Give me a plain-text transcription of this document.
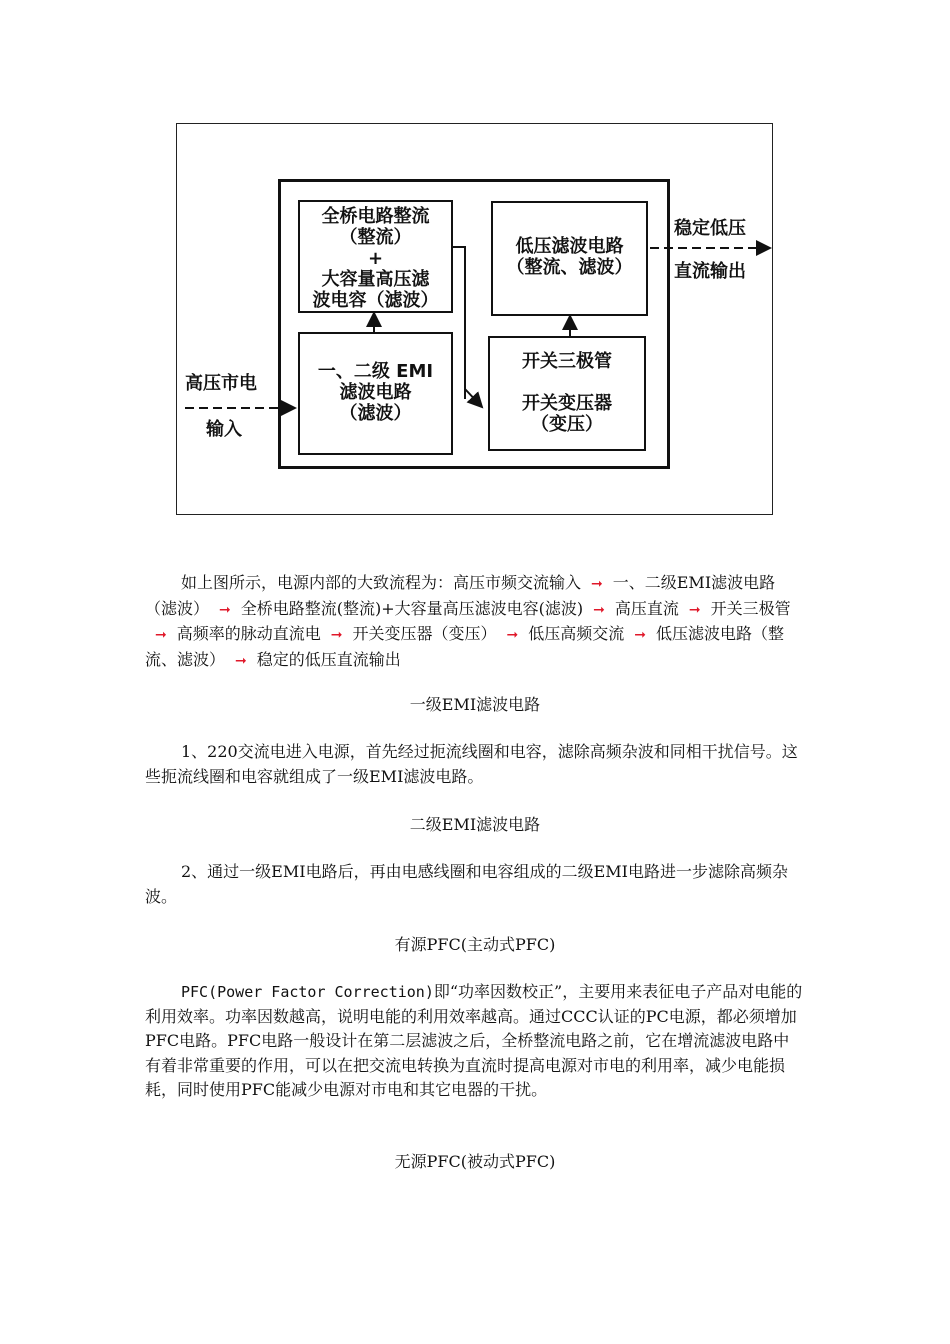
全桥电路整流
（整流）
+
大容量高压滤
波电容（滤波）
低压滤波电路
（整流、滤波）
一、二级 EMI
滤波电路
（滤波）
开关三极管
开关变压器
（变压）
高压市电
输入
稳定低压
直流输出
如上图所示，电源内部的大致流程为：高压市频交流输入 ➞ 一、二级EMI滤波电路（滤波） ➞ 全桥电路整流(整流)+大容量高压滤波电容(滤波) ➞ 高压直流 ➞ 开关三极管➞ 高频率的脉动直流电 ➞ 开关变压器（变压） ➞ 低压高频交流 ➞ 低压滤波电路（整流、滤波） ➞ 稳定的低压直流输出
一级EMI滤波电路
1、220交流电进入电源，首先经过扼流线圈和电容，滤除高频杂波和同相干扰信号。这些扼流线圈和电容就组成了一级EMI滤波电路。
二级EMI滤波电路
2、通过一级EMI电路后，再由电感线圈和电容组成的二级EMI电路进一步滤除高频杂波。
有源PFC(主动式PFC)
PFC(Power Factor Correction)即“功率因数校正”，主要用来表征电子产品对电能的利用效率。功率因数越高，说明电能的利用效率越高。通过CCC认证的PC电源，都必须增加PFC电路。PFC电路一般设计在第二层滤波之后，全桥整流电路之前，它在增流滤波电路中有着非常重要的作用，可以在把交流电转换为直流时提高电源对市电的利用率，减少电能损耗，同时使用PFC能减少电源对市电和其它电器的干扰。
无源PFC(被动式PFC)
